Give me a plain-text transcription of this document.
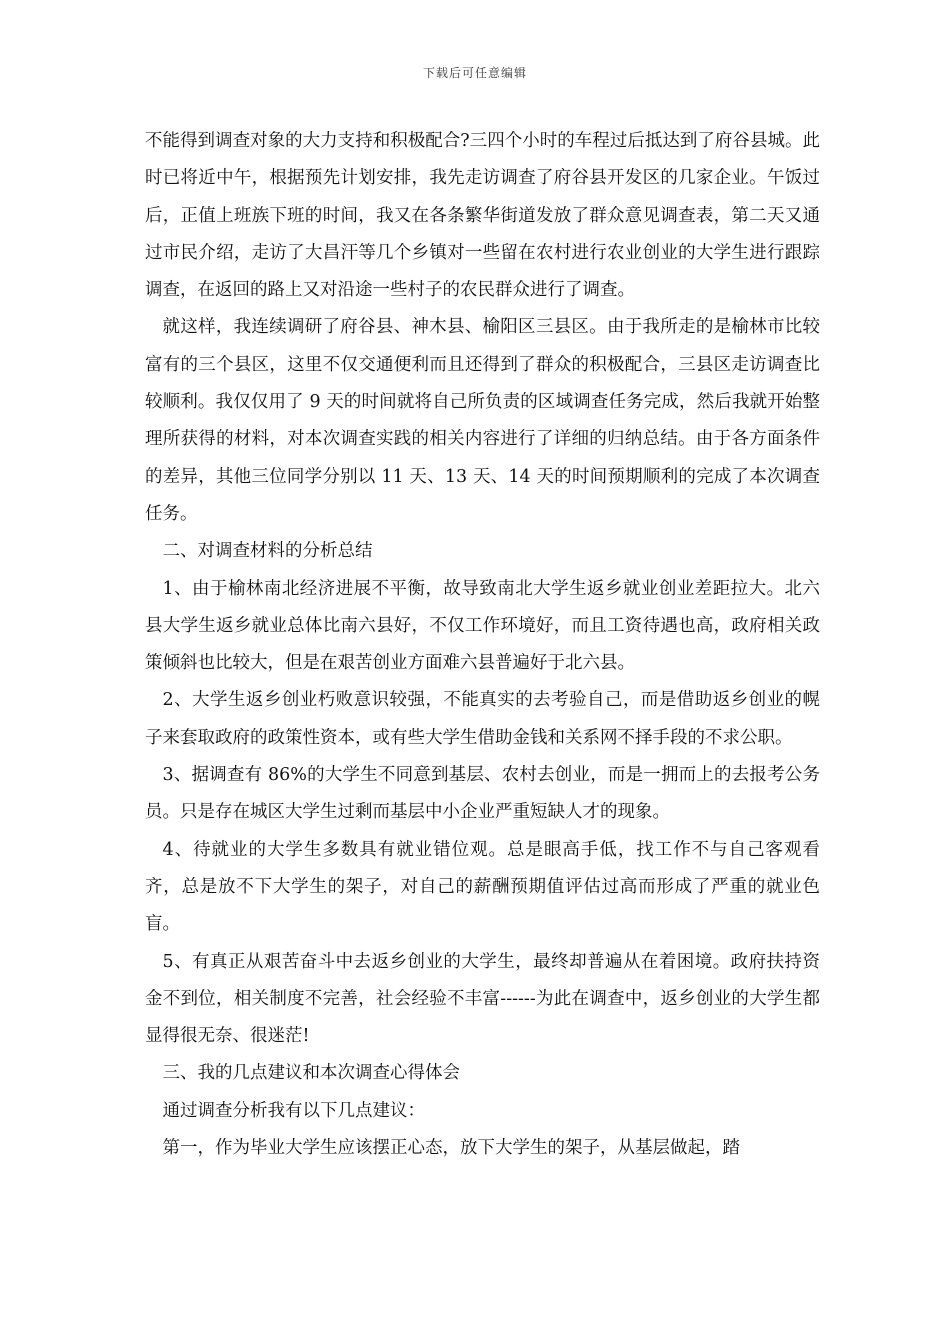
下载后可任意编辑

不能得到调查对象的大力支持和积极配合?三四个小时的车程过后抵达到了府谷县城。此时已将近中午，根据预先计划安排，我先走访调查了府谷县开发区的几家企业。午饭过后，正值上班族下班的时间，我又在各条繁华街道发放了群众意见调查表，第二天又通过市民介绍，走访了大昌汗等几个乡镇对一些留在农村进行农业创业的大学生进行跟踪调查，在返回的路上又对沿途一些村子的农民群众进行了调查。

就这样，我连续调研了府谷县、神木县、榆阳区三县区。由于我所走的是榆林市比较富有的三个县区，这里不仅交通便利而且还得到了群众的积极配合，三县区走访调查比较顺利。我仅仅用了 9 天的时间就将自己所负责的区域调查任务完成，然后我就开始整理所获得的材料，对本次调查实践的相关内容进行了详细的归纳总结。由于各方面条件的差异，其他三位同学分别以 11 天、13 天、14 天的时间预期顺利的完成了本次调查任务。

二、对调查材料的分析总结

1、由于榆林南北经济进展不平衡，故导致南北大学生返乡就业创业差距拉大。北六县大学生返乡就业总体比南六县好，不仅工作环境好，而且工资待遇也高，政府相关政策倾斜也比较大，但是在艰苦创业方面难六县普遍好于北六县。

2、大学生返乡创业朽败意识较强，不能真实的去考验自己，而是借助返乡创业的幌子来套取政府的政策性资本，或有些大学生借助金钱和关系网不择手段的不求公职。

3、据调查有 86%的大学生不同意到基层、农村去创业，而是一拥而上的去报考公务员。只是存在城区大学生过剩而基层中小企业严重短缺人才的现象。

4、待就业的大学生多数具有就业错位观。总是眼高手低，找工作不与自己客观看齐，总是放不下大学生的架子，对自己的薪酬预期值评估过高而形成了严重的就业色盲。

5、有真正从艰苦奋斗中去返乡创业的大学生，最终却普遍从在着困境。政府扶持资金不到位，相关制度不完善，社会经验不丰富------为此在调查中，返乡创业的大学生都显得很无奈、很迷茫!

三、我的几点建议和本次调查心得体会

通过调查分析我有以下几点建议：

第一，作为毕业大学生应该摆正心态，放下大学生的架子，从基层做起，踏
